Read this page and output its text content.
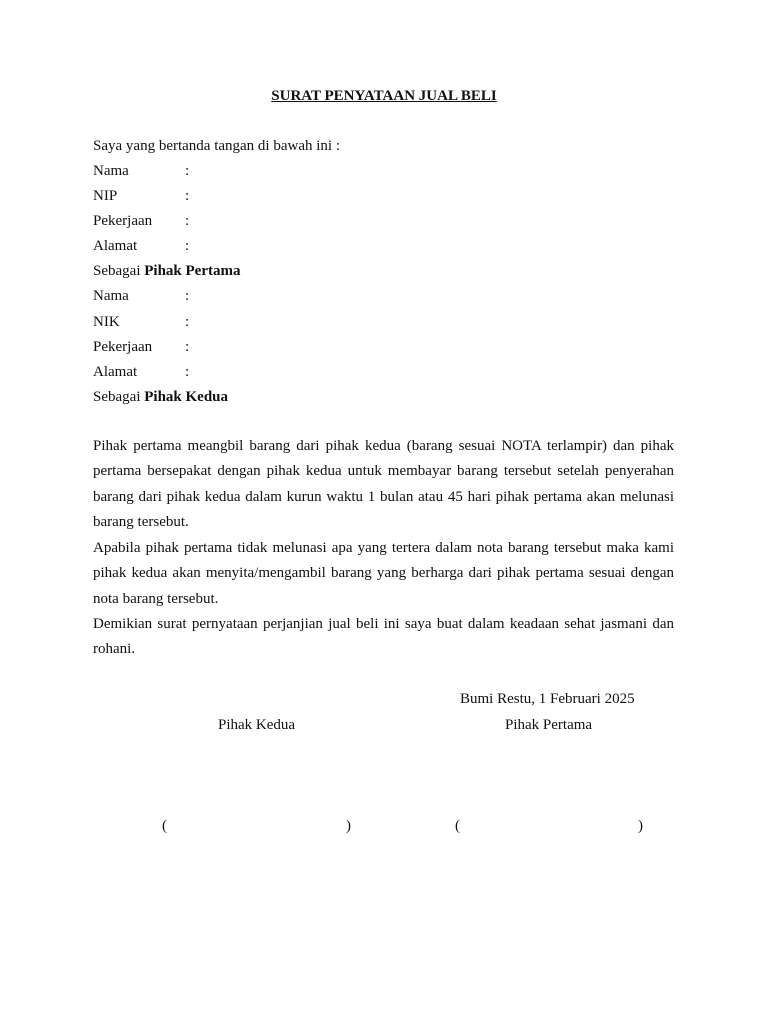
SURAT PENYATAAN JUAL BELI
Saya yang bertanda tangan di bawah ini :
Nama	:
NIP	:
Pekerjaan :
Alamat	:
Sebagai Pihak Pertama
Nama	:
NIK	:
Pekerjaan :
Alamat	:
Sebagai Pihak Kedua
Pihak pertama meangbil barang dari pihak kedua (barang sesuai NOTA terlampir) dan pihak pertama bersepakat dengan pihak kedua untuk membayar barang tersebut setelah penyerahan barang dari pihak kedua dalam kurun waktu 1 bulan atau 45 hari pihak pertama akan melunasi barang tersebut.
Apabila pihak pertama tidak melunasi apa yang tertera dalam nota barang tersebut maka kami pihak kedua akan menyita/mengambil barang yang berharga dari pihak pertama sesuai dengan nota barang tersebut.
Demikian surat pernyataan perjanjian jual beli ini saya buat dalam keadaan sehat jasmani dan rohani.
Bumi Restu, 1 Februari 2025
Pihak Kedua	Pihak Pertama
(	)	(	)
